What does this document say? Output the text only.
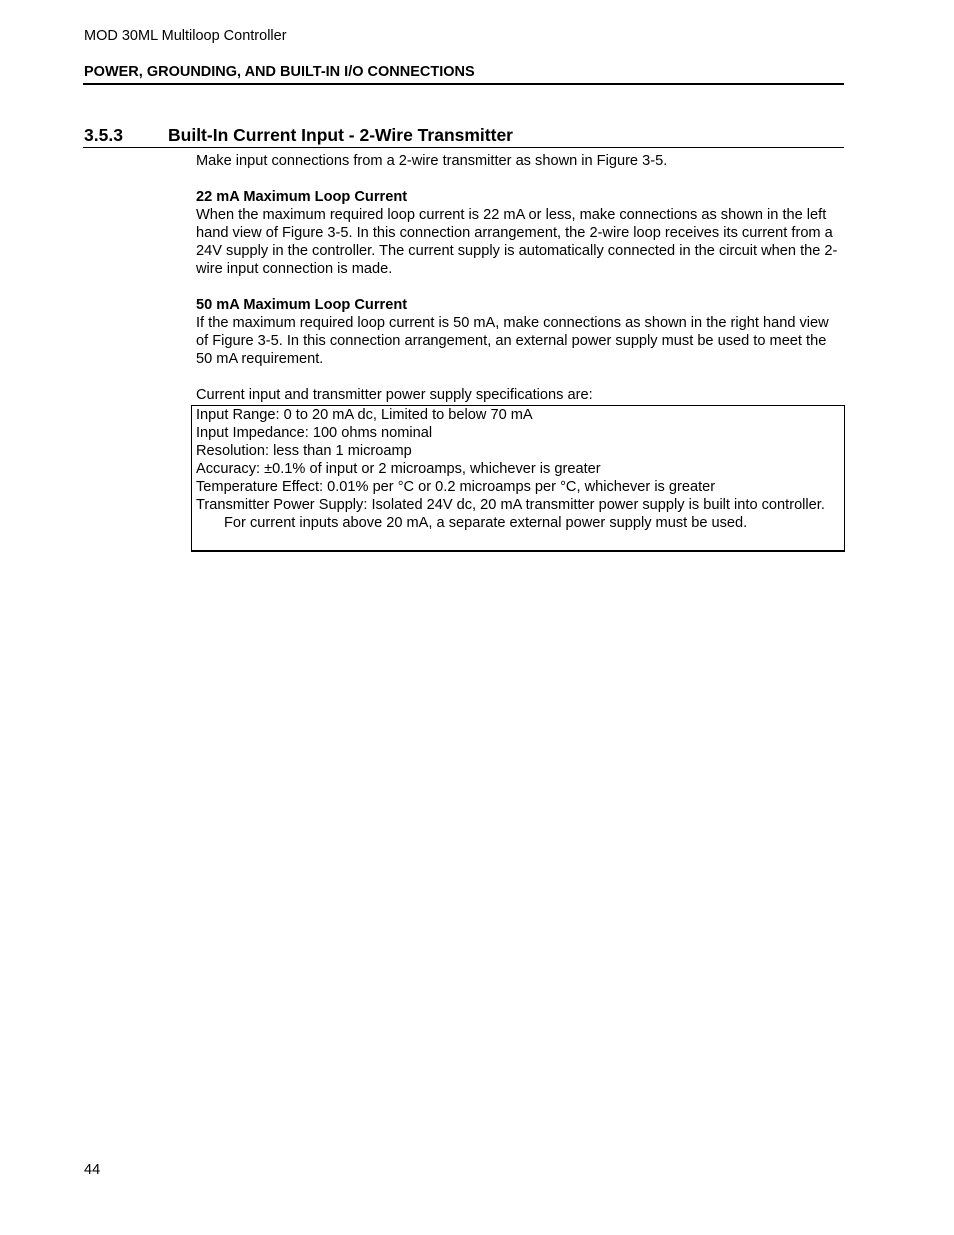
MOD 30ML Multiloop Controller
POWER, GROUNDING, AND BUILT-IN I/O CONNECTIONS
3.5.3	Built-In Current Input - 2-Wire Transmitter
Make input connections from a 2-wire transmitter as shown in Figure 3-5.
22 mA Maximum Loop Current
When the maximum required loop current is 22 mA or less, make connections as shown in the left hand view of Figure 3-5. In this connection arrangement, the 2-wire loop receives its current from a 24V supply in the controller. The current supply is automatically connected in the circuit when the 2-wire input connection is made.
50 mA Maximum Loop Current
If the maximum required loop current is 50 mA, make connections as shown in the right hand view of Figure 3-5. In this connection arrangement, an external power supply must be used to meet the 50 mA requirement.
Current input and transmitter power supply specifications are:
Input Range: 0 to 20 mA dc, Limited to below 70 mA
Input Impedance: 100 ohms nominal
Resolution: less than 1 microamp
Accuracy: ±0.1% of input or 2 microamps, whichever is greater
Temperature Effect: 0.01% per °C or 0.2 microamps per °C, whichever is greater
Transmitter Power Supply: Isolated 24V dc, 20 mA transmitter power supply is built into controller. For current inputs above 20 mA, a separate external power supply must be used.
44
